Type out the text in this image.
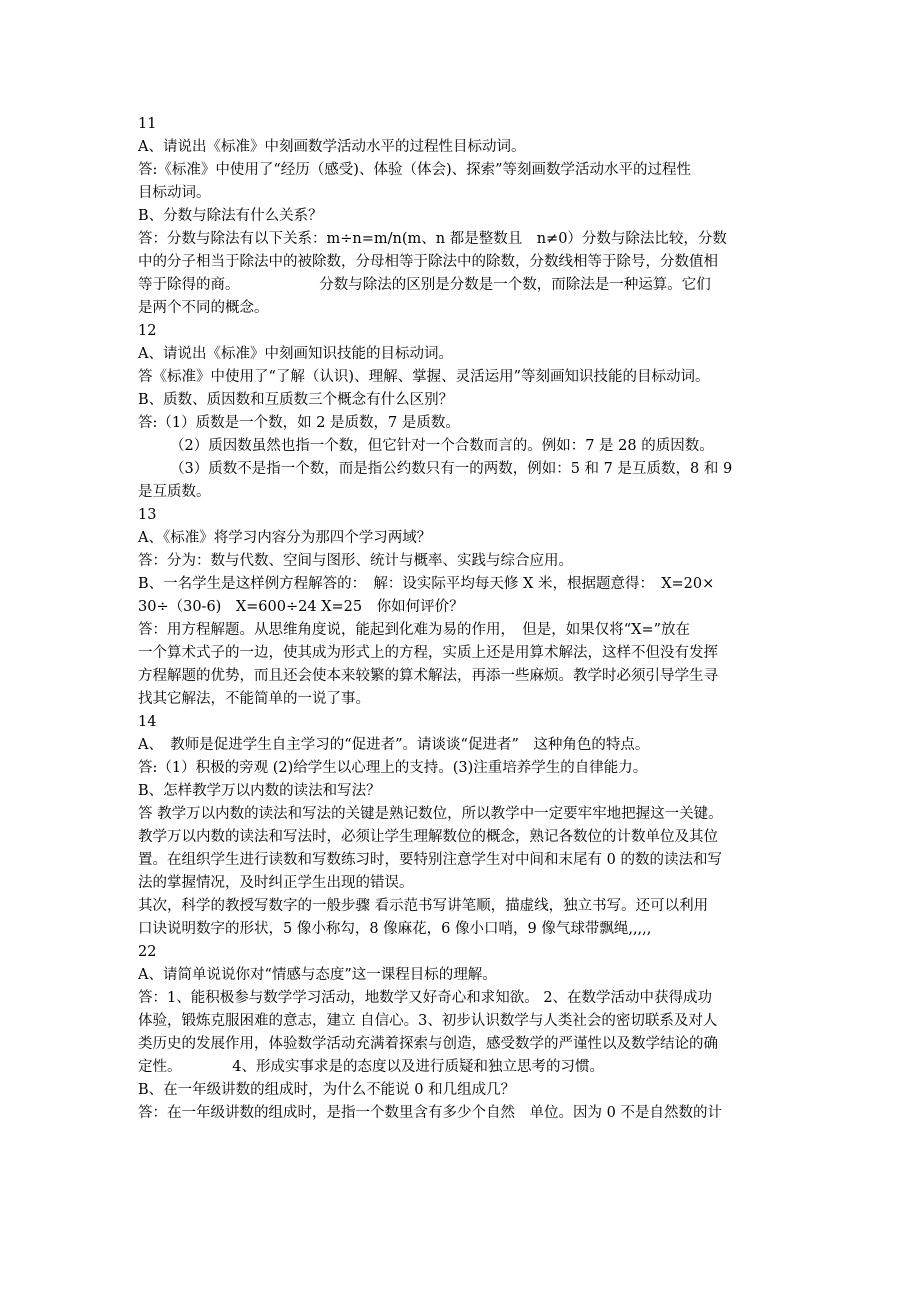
11
A、请说出《标准》中刻画数学活动水平的过程性目标动词。
答:《标准》中使用了“经历（感受)、体验（体会)、探索”等刻画数学活动水平的过程性
目标动词。
B、分数与除法有什么关系？
答：分数与除法有以下关系：m÷n=m/n(m、n 都是整数且　n≠0）分数与除法比较，分数
中的分子相当于除法中的被除数，分母相等于除法中的除数，分数线相等于除号，分数值相
等于除得的商。　　　　　　分数与除法的区别是分数是一个数，而除法是一种运算。它们
是两个不同的概念。
12
A、请说出《标准》中刻画知识技能的目标动词。
答《标准》中使用了“了解（认识)、理解、掌握、灵活运用”等刻画知识技能的目标动词。
B、质数、质因数和互质数三个概念有什么区别？
答:（1）质数是一个数，如 2 是质数，7 是质数。
（2）质因数虽然也指一个数，但它针对一个合数而言的。例如：7 是 28 的质因数。
（3）质数不是指一个数，而是指公约数只有一的两数，例如：5 和 7 是互质数，8 和 9
是互质数。
13
A、《标准》将学习内容分为那四个学习两域？
答：分为：数与代数、空间与图形、统计与概率、实践与综合应用。
B、一名学生是这样例方程解答的：　解：设实际平均每天修 X 米，根据题意得：　X=20×
30÷（30-6)　X=600÷24 X=25　你如何评价？
答：用方程解题。从思维角度说，能起到化难为易的作用，　但是，如果仅将“X=”放在
一个算术式子的一边，使其成为形式上的方程，实质上还是用算术解法，这样不但没有发挥
方程解题的优势，而且还会使本来较繁的算术解法，再添一些麻烦。教学时必须引导学生寻
找其它解法，不能简单的一说了事。
14
A、　教师是促进学生自主学习的“促进者”。请谈谈“促进者”　这种角色的特点。
答:（1）积极的旁观 (2)给学生以心理上的支持。(3)注重培养学生的自律能力。
B、怎样教学万以内数的读法和写法？
答 教学万以内数的读法和写法的关键是熟记数位，所以教学中一定要牢牢地把握这一关键。
教学万以内数的读法和写法时，必须让学生理解数位的概念，熟记各数位的计数单位及其位
置。在组织学生进行读数和写数练习时，要特别注意学生对中间和末尾有 0 的数的读法和写
法的掌握情况，及时纠正学生出现的错误。
其次，科学的教授写数字的一般步骤 看示范书写讲笔顺，描虚线，独立书写。还可以利用
口诀说明数字的形状，5 像小称勾，8 像麻花，6 像小口哨，9 像气球带飘绳,,,,,
22
A、请简单说说你对“情感与态度”这一课程目标的理解。
答：1、能积极参与数学学习活动，地数学又好奇心和求知欲。 2、在数学活动中获得成功
体验，锻炼克服困难的意志，建立 自信心。3、初步认识数学与人类社会的密切联系及对人
类历史的发展作用，体验数学活动充满着探索与创造，感受数学的严谨性以及数学结论的确
定性。　　　　4、形成实事求是的态度以及进行质疑和独立思考的习惯。
B、在一年级讲数的组成时，为什么不能说 0 和几组成几？
答：在一年级讲数的组成时，是指一个数里含有多少个自然　单位。因为 0 不是自然数的计
